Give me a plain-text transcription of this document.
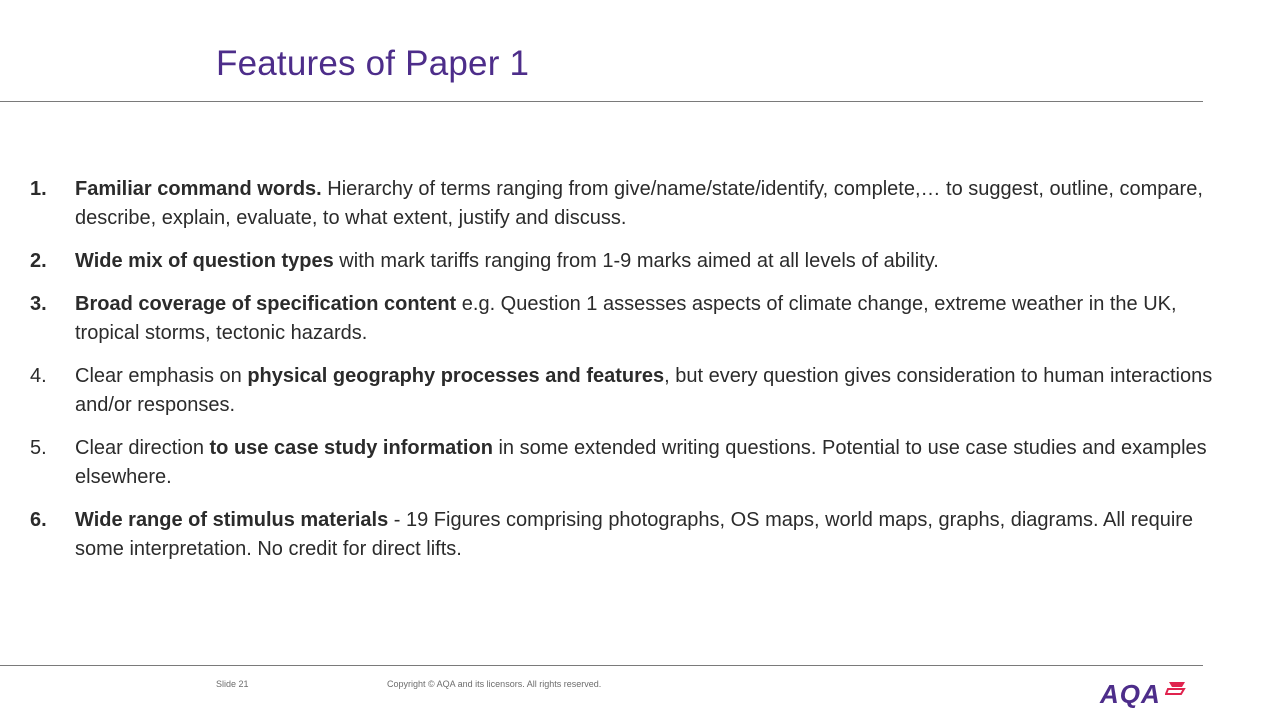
Features of Paper 1
1.	Familiar command words. Hierarchy of terms ranging from give/name/state/identify, complete,… to suggest, outline, compare, describe, explain, evaluate, to what extent, justify and discuss.
2.	Wide mix of question types with mark tariffs ranging from 1-9 marks aimed at all levels of ability.
3.	Broad coverage of specification content e.g. Question 1 assesses aspects of climate change, extreme weather in the UK, tropical storms, tectonic hazards.
4.	Clear emphasis on physical geography processes and features, but every question gives consideration to human interactions and/or responses.
5.	Clear direction to use case study information in some extended writing questions. Potential to use case studies and examples elsewhere.
6.	Wide range of stimulus materials - 19 Figures comprising photographs, OS maps, world maps, graphs, diagrams. All require some interpretation. No credit for direct lifts.
Slide 21	Copyright © AQA and its licensors. All rights reserved.	AQA
